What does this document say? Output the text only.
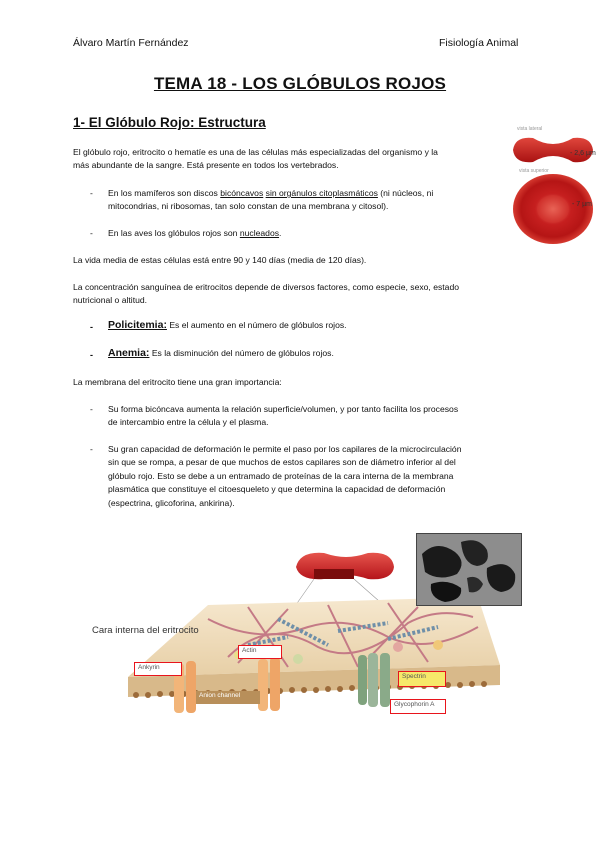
Álvaro Martín Fernández	Fisiología Animal
TEMA 18 - LOS GLÓBULOS ROJOS
1- El Glóbulo Rojo: Estructura
El glóbulo rojo, eritrocito o hematíe es una de las células más especializadas del organismo y la
más abundante de la sangre. Está presente en todos los vertebrados.
- En los mamíferos son discos bicóncavos sin orgánulos citoplasmáticos (ni núcleos, ni
mitocondrias, ni ribosomas, tan solo constan de una membrana y citosol).
- En las aves los glóbulos rojos son nucleados.
La vida media de estas células está entre 90 y 140 días (media de 120 días).
La concentración sanguínea de eritrocitos depende de diversos factores, como especie, sexo, estado
nutricional o altitud.
- Policitemia: Es el aumento en el número de glóbulos rojos.
- Anemia: Es la disminución del número de glóbulos rojos.
La membrana del eritrocito tiene una gran importancia:
- Su forma bicóncava aumenta la relación superficie/volumen, y por tanto facilita los procesos
de intercambio entre la célula y el plasma.
- Su gran capacidad de deformación le permite el paso por los capilares de la microcirculación
sin que se rompa, a pesar de que muchos de estos capilares son de diámetro inferior al del
glóbulo rojo. Esto se debe a un entramado de proteínas de la cara interna de la membrana
plasmática que constituye el citoesqueleto y que determina la capacidad de deformación
(espectrina, glicoforina, ankirina).
vista lateral
vista superior
- 2,6 µm
- 7 µm
Cara interna del eritrocito
Actin
Ankyrin
Anion channel
Spectrin
Glycophorin A
